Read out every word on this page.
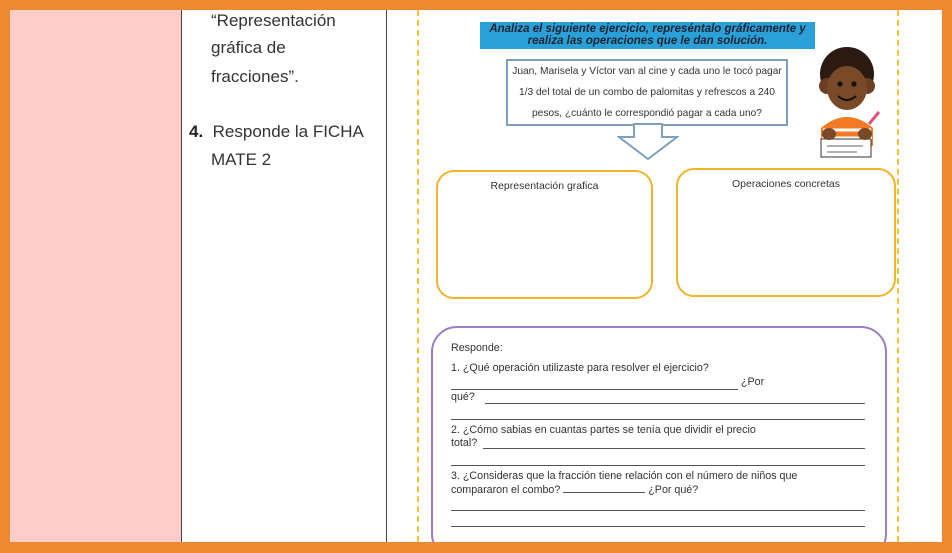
“Representación
gráfica de
fracciones”.
4. Responde la FICHA
MATE 2
Analiza el siguiente ejercicio, represéntalo gráficamente y
realiza las operaciones que le dan solución.
Juan, Marisela y Víctor van al cine y cada uno le tocó pagar
1/3 del total de un combo de palomitas y refrescos a 240
pesos, ¿cuánto le correspondió pagar a cada uno?
Representación grafica	Operaciones concretas
Responde:
1. ¿Qué operación utilizaste para resolver el ejercicio?
¿Por
qué?
2. ¿Cómo sabias en cuantas partes se tenía que dividir el precio
total?
3. ¿Consideras que la fracción tiene relación con el número de niños que
compararon el combo?	¿Por qué?
